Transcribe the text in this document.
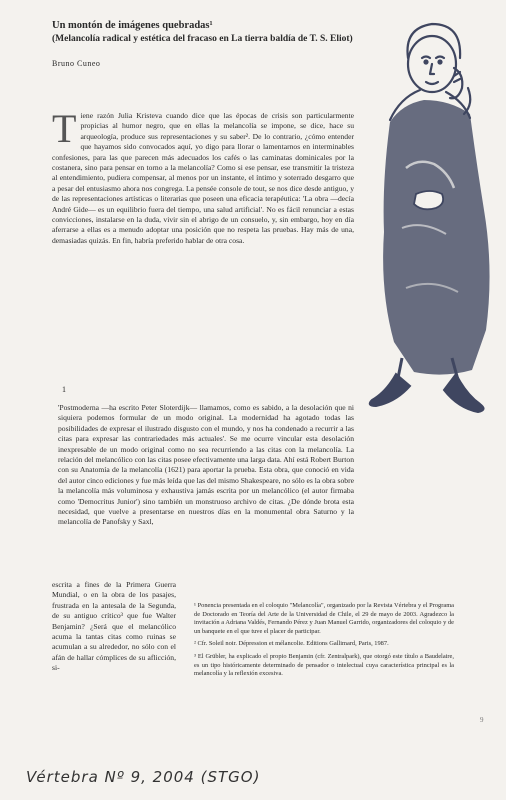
Un montón de imágenes quebradas¹
(Melancolía radical y estética del fracaso en La tierra baldía de T. S. Eliot)
Bruno Cuneo
T iene razón Julia Kristeva cuando dice que las épocas de crisis son particularmente propicias al humor negro, que en ellas la melancolía se impone, se dice, hace su arqueología, produce sus representaciones y su saber². De lo contrario, ¿cómo entender que hayamos sido convocados aquí, yo digo para llorar o lamentarnos en interminables confesiones, para las que parecen más adecuados los cafés o las caminatas dominicales por la costanera, sino para pensar en torno a la melancolía? Como si ese pensar, ese transmitir la tristeza al entendimiento, pudiera compensar, al menos por un instante, el íntimo y soterrado desgarro que a pesar del entusiasmo ahora nos congrega. La pensée console de tout, se nos dice desde antiguo, y de las representaciones artísticas o literarias que poseen una eficacia terapéutica: 'La obra —decía André Gide— es un equilibrio fuera del tiempo, una salud artificial'. No es fácil renunciar a estas convicciones, instalarse en la duda, vivir sin el abrigo de un consuelo, y, sin embargo, hoy en día aferrarse a ellas es a menudo adoptar una posición que no respeta las pruebas. Hay más de una, demasiadas quizás. En fin, habría preferido hablar de otra cosa.
1
'Postmoderna —ha escrito Peter Sloterdijk— llamamos, como es sabido, a la desolación que ni siquiera podemos formular de un modo original. La modernidad ha agotado todas las posibilidades de expresar el ilustrado disgusto con el mundo, y nos ha condenado a recurrir a las citas para expresar las contrariedades más actuales'. Se me ocurre vincular esta desolación inexpresable de un modo original como no sea recurriendo a las citas con la melancolía. La relación del melancólico con las citas posee efectivamente una larga data. Ahí está Robert Burton con su Anatomía de la melancolía (1621) para aportar la prueba. Esta obra, que conoció en vida del autor cinco ediciones y fue más leída que las del mismo Shakespeare, no sólo es la obra sobre la melancolía más voluminosa y exhaustiva jamás escrita por un melancólico (el autor firmaba como 'Democritus Junior') sino también un monstruoso archivo de citas. ¿De dónde brota esta necesidad, que vuelve a presentarse en nuestros días en la monumental obra Saturno y la melancolía de Panofsky y Saxl,
escrita a fines de la Primera Guerra Mundial, o en la obra de los pasajes, frustrada en la antesala de la Segunda, de su antiguo crítico³ que fue Walter Benjamin? ¿Será que el melancólico acuma la tantas citas como ruinas se acumulan a su alrededor, no sólo con el afán de hallar cómplices de su aflicción, si-

¹ Ponencia presentada en el coloquio "Melancolía", organizado por la Revista Vértebra y el Programa de Doctorado en Teoría del Arte de la Universidad de Chile, el 29 de mayo de 2003. Agradezco la invitación a Adriana Valdés, Fernando Pérez y Juan Manuel Garrido, organizadores del coloquio y de un banquete en el que tuve el placer de participar.

² Cfr. Soleil noir. Dépression et mélancolie. Editions Gallimard, Paris, 1987.

³ El Grübler, ha explicado el propio Benjamin (cfr. Zentralpark), que otorgó este título a Baudelaire, es un tipo históricamente determinado de pensador o intelectual cuya característica principal es la melancolía y la reflexión excesiva.

9
Vértebra Nº 9, 2004 (STGO)
